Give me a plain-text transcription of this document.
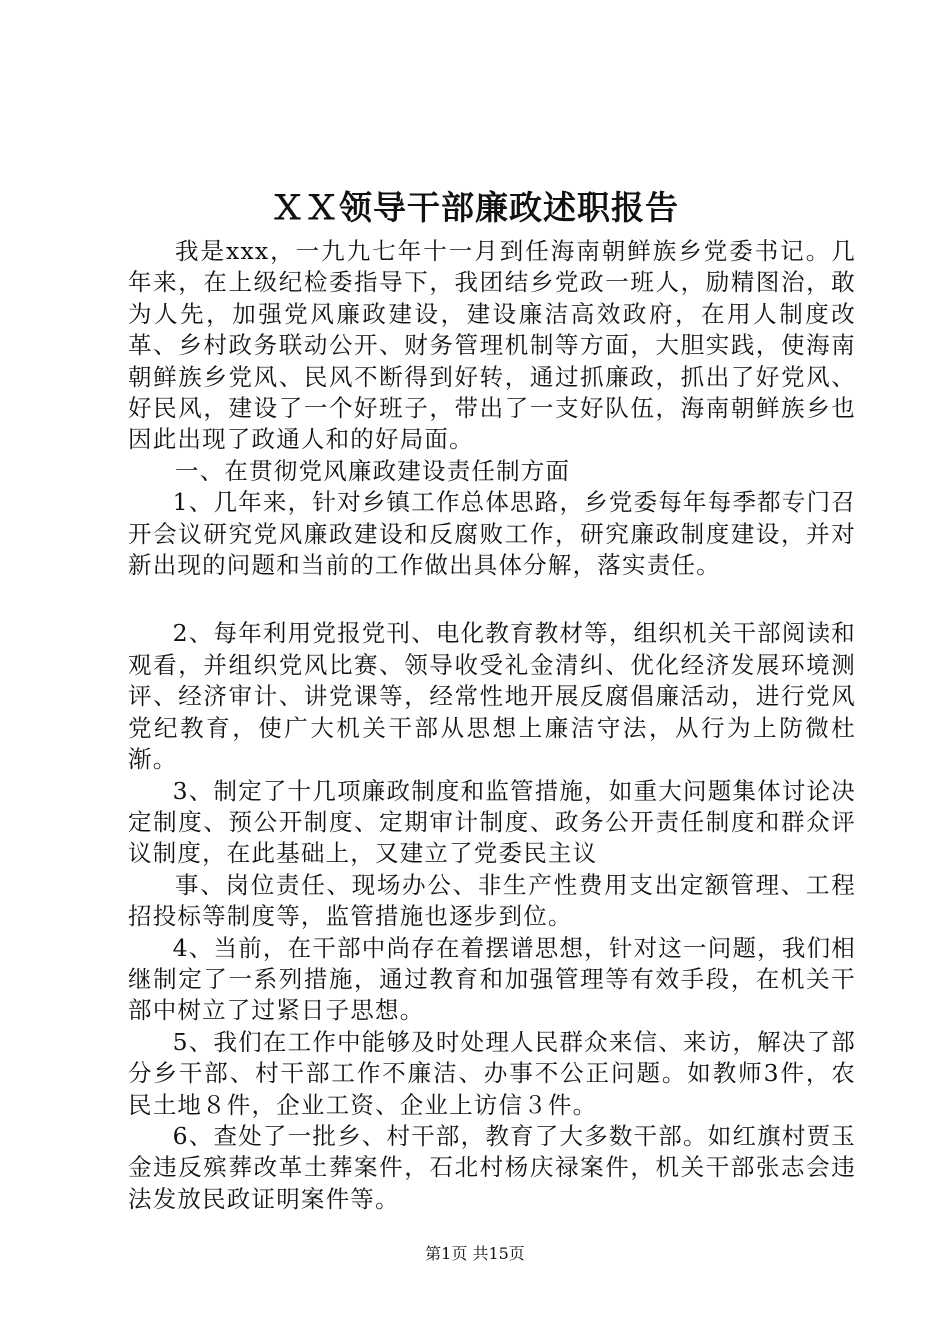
ＸＸ领导干部廉政述职报告

我是xxx，一九九七年十一月到任海南朝鲜族乡党委书记。几年来，在上级纪检委指导下，我团结乡党政一班人，励精图治，敢为人先，加强党风廉政建设，建设廉洁高效政府，在用人制度改革、乡村政务联动公开、财务管理机制等方面，大胆实践，使海南朝鲜族乡党风、民风不断得到好转，通过抓廉政，抓出了好党风、好民风，建设了一个好班子，带出了一支好队伍，海南朝鲜族乡也因此出现了政通人和的好局面。

一、在贯彻党风廉政建设责任制方面

1、几年来，针对乡镇工作总体思路，乡党委每年每季都专门召开会议研究党风廉政建设和反腐败工作，研究廉政制度建设，并对新出现的问题和当前的工作做出具体分解，落实责任。

2、每年利用党报党刊、电化教育教材等，组织机关干部阅读和观看，并组织党风比赛、领导收受礼金清纠、优化经济发展环境测评、经济审计、讲党课等，经常性地开展反腐倡廉活动，进行党风党纪教育，使广大机关干部从思想上廉洁守法，从行为上防微杜渐。

3、制定了十几项廉政制度和监管措施，如重大问题集体讨论决定制度、预公开制度、定期审计制度、政务公开责任制度和群众评议制度，在此基础上，又建立了党委民主议

事、岗位责任、现场办公、非生产性费用支出定额管理、工程招投标等制度等，监管措施也逐步到位。

4、当前，在干部中尚存在着摆谱思想，针对这一问题，我们相继制定了一系列措施，通过教育和加强管理等有效手段，在机关干部中树立了过紧日子思想。

5、我们在工作中能够及时处理人民群众来信、来访，解决了部分乡干部、村干部工作不廉洁、办事不公正问题。如教师3件，农民土地８件，企业工资、企业上访信３件。

6、查处了一批乡、村干部，教育了大多数干部。如红旗村贾玉金违反殡葬改革土葬案件，石北村杨庆禄案件，机关干部张志会违法发放民政证明案件等。

第1页 共15页
